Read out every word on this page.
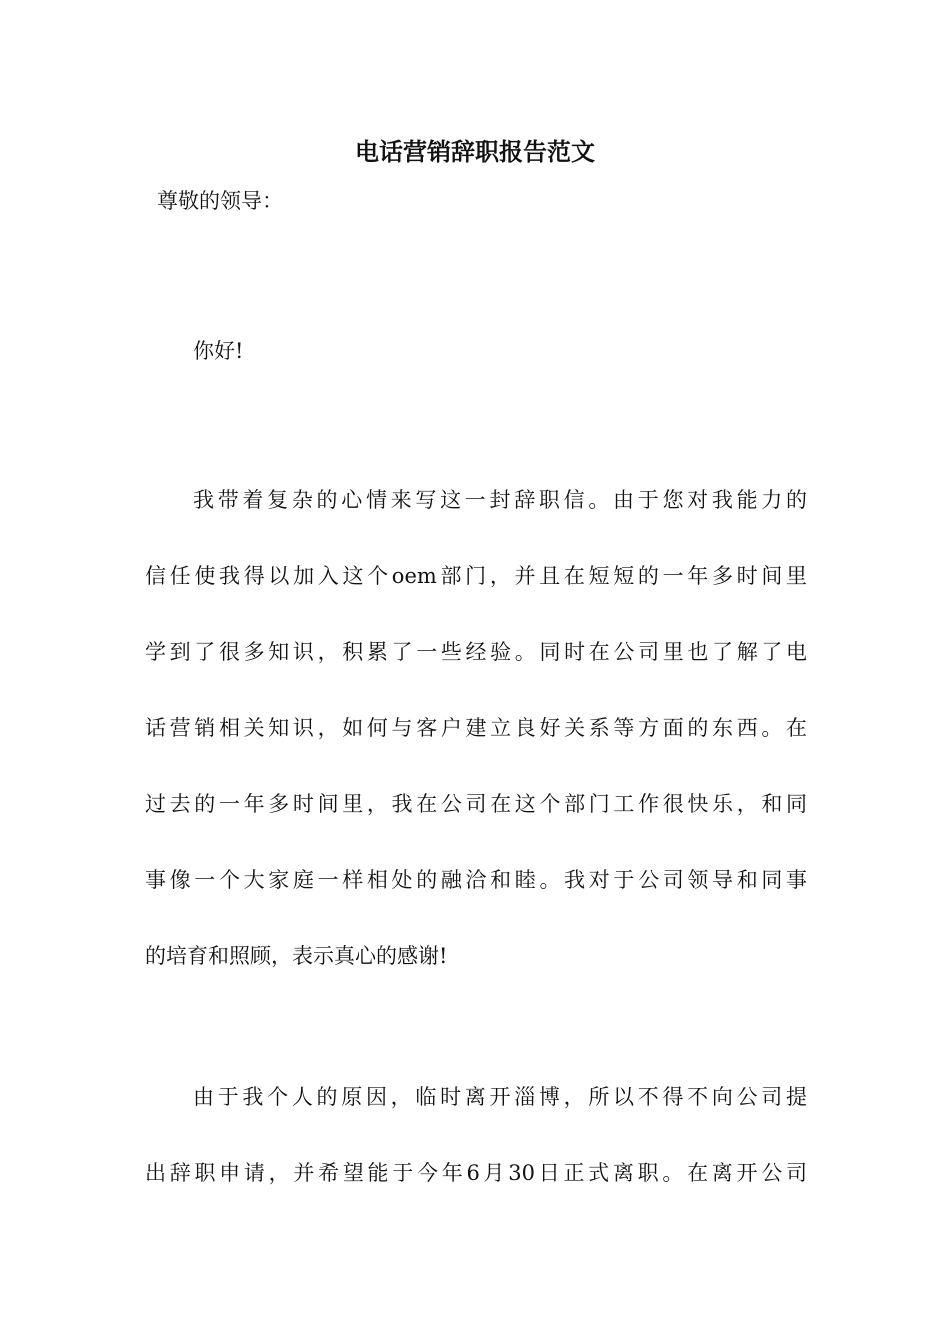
电话营销辞职报告范文
尊敬的领导：
你好!
我带着复杂的心情来写这一封辞职信。由于您对我能力的
信任使我得以加入这个oem部门，并且在短短的一年多时间里
学到了很多知识，积累了一些经验。同时在公司里也了解了电
话营销相关知识，如何与客户建立良好关系等方面的东西。在
过去的一年多时间里，我在公司在这个部门工作很快乐，和同
事像一个大家庭一样相处的融洽和睦。我对于公司领导和同事
的培育和照顾，表示真心的感谢!
由于我个人的原因，临时离开淄博，所以不得不向公司提
出辞职申请，并希望能于今年6月30日正式离职。在离开公司
